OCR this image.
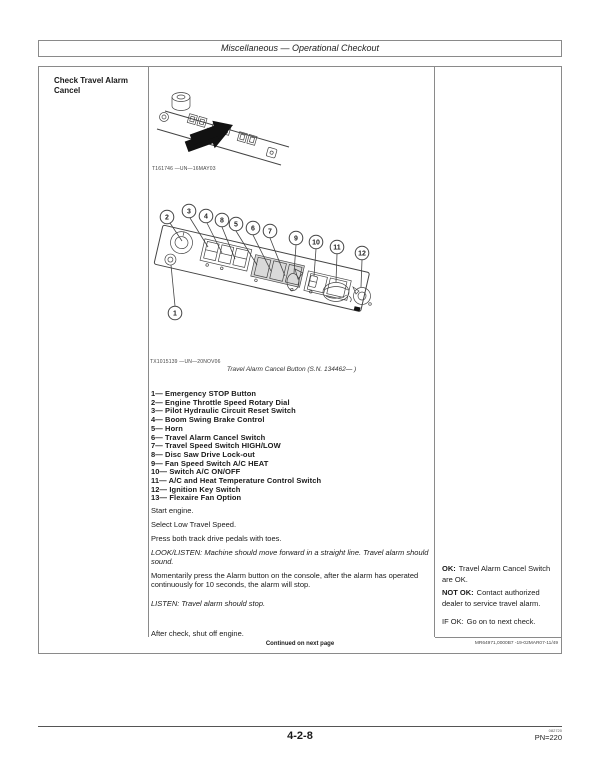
Miscellaneous — Operational Checkout
Check Travel Alarm Cancel
T161746 —UN—16MAY03
1
2
3
4
8
5
6 7
9
10
11
12
TX1015139 —UN—20NOV06
Travel Alarm Cancel Button (S.N. 134462— )
1— Emergency STOP Button
2— Engine Throttle Speed Rotary Dial
3— Pilot Hydraulic Circuit Reset Switch
4— Boom Swing Brake Control
5— Horn
6— Travel Alarm Cancel Switch
7— Travel Speed Switch HIGH/LOW
8— Disc Saw Drive Lock-out
9— Fan Speed Switch A/C HEAT
10— Switch A/C ON/OFF
11— A/C and Heat Temperature Control Switch
12— Ignition Key Switch
13— Flexaire Fan Option

Start engine.

Select Low Travel Speed.

Press both track drive pedals with toes.

LOOK/LISTEN: Machine should move forward in a straight line. Travel alarm should sound.

Momentarily press the Alarm button on the console, after the alarm has operated continuously for 10 seconds, the alarm will stop.

LISTEN: Travel alarm should stop.

After check, shut off engine.

OK: Travel Alarm Cancel Switch are OK.

NOT OK: Contact authorized dealer to service travel alarm.

IF OK: Go on to next check.

MR64971,0000B7 -19-02MAR07-11/49
Continued on next page
4-2-8	082720
PN=220
